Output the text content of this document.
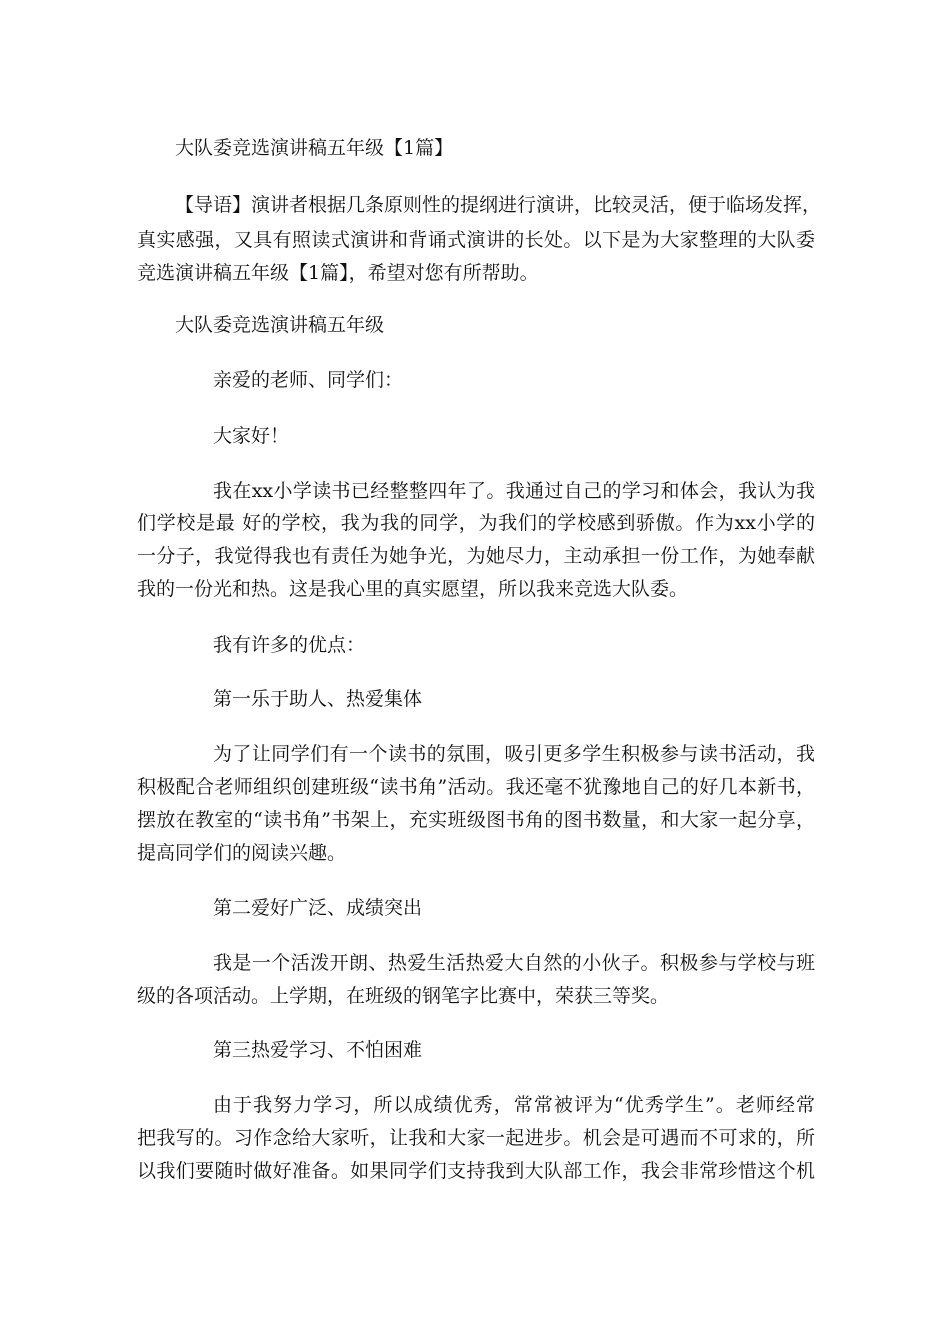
大队委竞选演讲稿五年级【1篇】
【导语】演讲者根据几条原则性的提纲进行演讲，比较灵活，便于临场发挥，
真实感强，又具有照读式演讲和背诵式演讲的长处。以下是为大家整理的大队委
竞选演讲稿五年级【1篇】，希望对您有所帮助。
大队委竞选演讲稿五年级
亲爱的老师、同学们：
大家好！
我在xx小学读书已经整整四年了。我通过自己的学习和体会，我认为我
们学校是最 好的学校，我为我的同学，为我们的学校感到骄傲。作为xx小学的
一分子，我觉得我也有责任为她争光，为她尽力，主动承担一份工作，为她奉献
我的一份光和热。这是我心里的真实愿望，所以我来竞选大队委。
我有许多的优点：
第一乐于助人、热爱集体
为了让同学们有一个读书的氛围，吸引更多学生积极参与读书活动，我
积极配合老师组织创建班级“读书角”活动。我还毫不犹豫地自己的好几本新书，
摆放在教室的“读书角”书架上，充实班级图书角的图书数量，和大家一起分享，
提高同学们的阅读兴趣。
第二爱好广泛、成绩突出
我是一个活泼开朗、热爱生活热爱大自然的小伙子。积极参与学校与班
级的各项活动。上学期，在班级的钢笔字比赛中，荣获三等奖。
第三热爱学习、不怕困难
由于我努力学习，所以成绩优秀，常常被评为“优秀学生”。老师经常
把我写的。习作念给大家听，让我和大家一起进步。机会是可遇而不可求的，所
以我们要随时做好准备。如果同学们支持我到大队部工作，我会非常珍惜这个机
